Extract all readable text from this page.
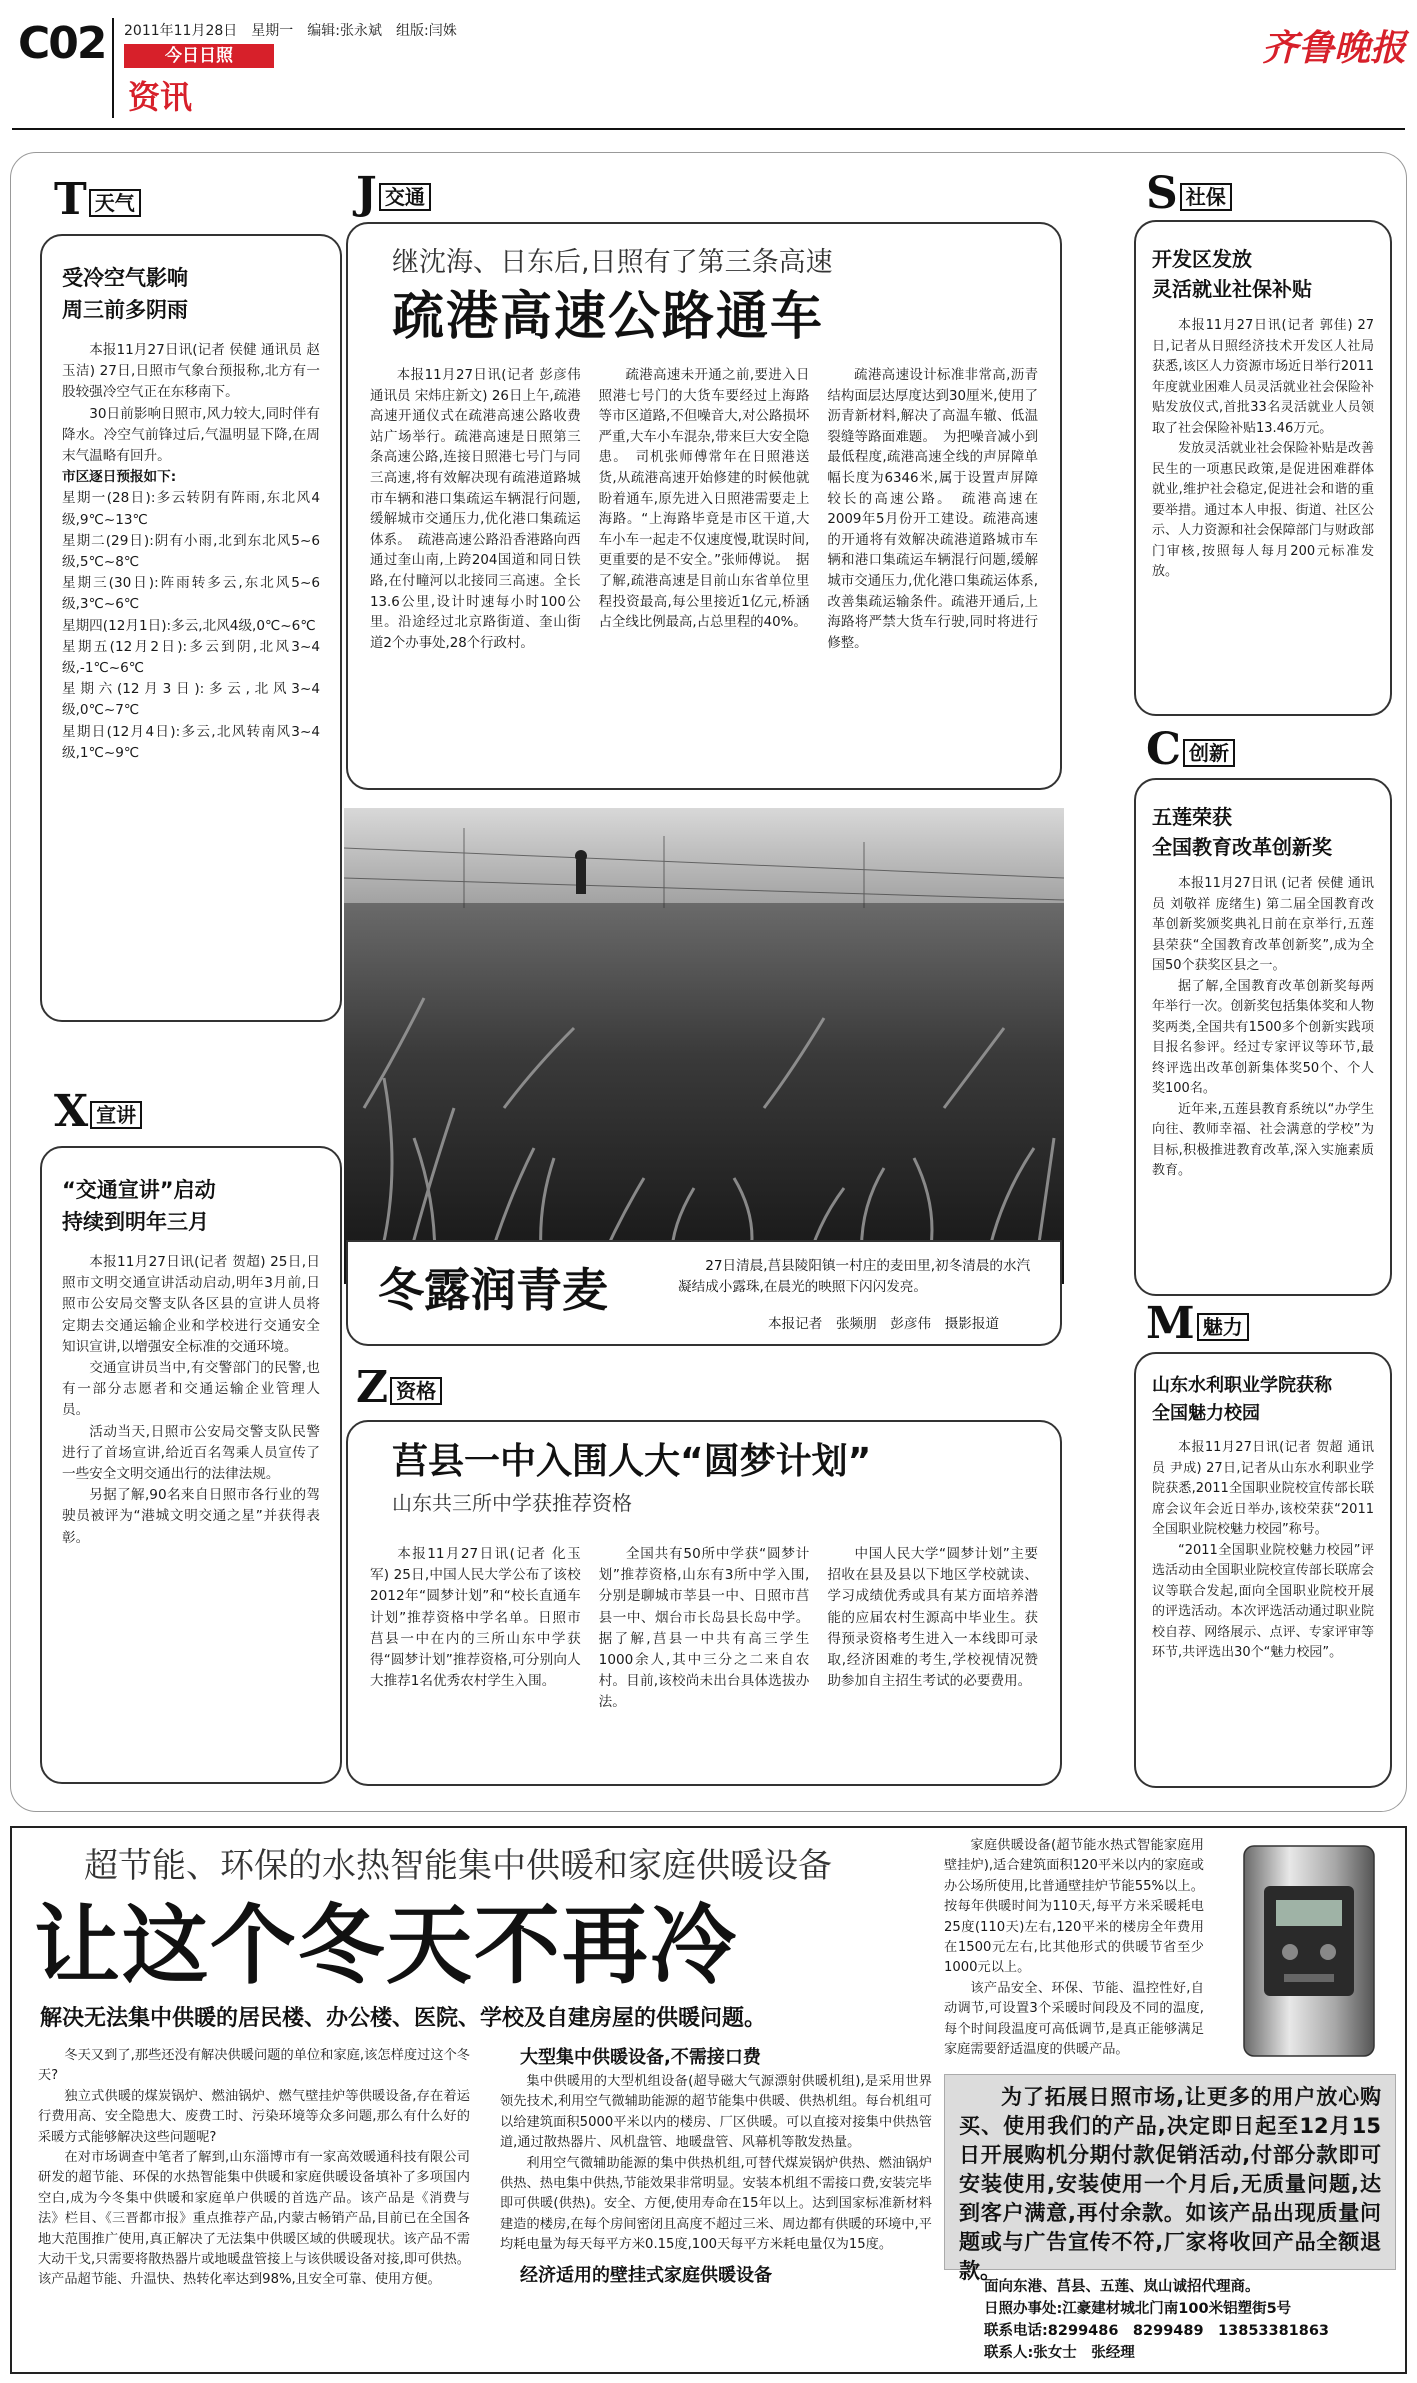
C02 2011年11月28日　星期一　编辑:张永斌　组版:闫姝
今日日照
资讯
齐鲁晚报
T 天气
受冷空气影响
周三前多阴雨

本报11月27日讯(记者 侯健 通讯员 赵玉洁) 27日,日照市气象台预报称,北方有一股较强冷空气正在东移南下。

30日前影响日照市,风力较大,同时伴有降水。冷空气前锋过后,气温明显下降,在周末气温略有回升。

市区逐日预报如下:

星期一(28日):多云转阴有阵雨,东北风4级,9℃~13℃

星期二(29日):阴有小雨,北到东北风5~6级,5℃~8℃

星期三(30日):阵雨转多云,东北风5~6级,3℃~6℃

星期四(12月1日):多云,北风4级,0℃~6℃

星期五(12月2日):多云到阴,北风3~4级,-1℃~6℃

星期六(12月3日):多云,北风3~4级,0℃~7℃

星期日(12月4日):多云,北风转南风3~4级,1℃~9℃

X 宣讲
“交通宣讲”启动
持续到明年三月

本报11月27日讯(记者 贺超) 25日,日照市文明交通宣讲活动启动,明年3月前,日照市公安局交警支队各区县的宣讲人员将定期去交通运输企业和学校进行交通安全知识宣讲,以增强安全标准的交通环境。

交通宣讲员当中,有交警部门的民警,也有一部分志愿者和交通运输企业管理人员。

活动当天,日照市公安局交警支队民警进行了首场宣讲,给近百名驾乘人员宣传了一些安全文明交通出行的法律法规。

另据了解,90名来自日照市各行业的驾驶员被评为“港城文明交通之星”并获得表彰。

J 交通
继沈海、日东后,日照有了第三条高速
疏港高速公路通车
本报11月27日讯(记者 彭彦伟 通讯员 宋炜庄新文) 26日上午,疏港高速开通仪式在疏港高速公路收费站广场举行。疏港高速是日照第三条高速公路,连接日照港七号门与同三高速,将有效解决现有疏港道路城市车辆和港口集疏运车辆混行问题,缓解城市交通压力,优化港口集疏运体系。　疏港高速公路沿香港路向西通过奎山南,上跨204国道和同日铁路,在付疃河以北接同三高速。全长13.6公里,设计时速每小时100公里。沿途经过北京路街道、奎山街道2个办事处,28个行政村。
疏港高速未开通之前,要进入日照港七号门的大货车要经过上海路等市区道路,不但噪音大,对公路损坏严重,大车小车混杂,带来巨大安全隐患。　司机张师傅常年在日照港送货,从疏港高速开始修建的时候他就盼着通车,原先进入日照港需要走上海路。“上海路毕竟是市区干道,大车小车一起走不仅速度慢,耽误时间,更重要的是不安全。”张师傅说。　据了解,疏港高速是目前山东省单位里程投资最高,每公里接近1亿元,桥涵占全线比例最高,占总里程的40%。
疏港高速设计标准非常高,沥青结构面层达厚度达到30厘米,使用了沥青新材料,解决了高温车辙、低温裂缝等路面难题。　为把噪音减小到最低程度,疏港高速全线的声屏障单幅长度为6346米,属于设置声屏障较长的高速公路。　疏港高速在2009年5月份开工建设。疏港高速的开通将有效解决疏港道路城市车辆和港口集疏运车辆混行问题,缓解城市交通压力,优化港口集疏运体系,改善集疏运输条件。疏港开通后,上海路将严禁大货车行驶,同时将进行修整。
冬露润青麦	27日清晨,莒县陵阳镇一村庄的麦田里,初冬清晨的水汽凝结成小露珠,在晨光的映照下闪闪发亮。
本报记者　张频朋　彭彦伟　摄影报道
Z 资格
莒县一中入围人大“圆梦计划”
山东共三所中学获推荐资格
本报11月27日讯(记者 化玉军) 25日,中国人民大学公布了该校2012年“圆梦计划”和“校长直通车计划”推荐资格中学名单。日照市莒县一中在内的三所山东中学获得“圆梦计划”推荐资格,可分别向人大推荐1名优秀农村学生入围。
全国共有50所中学获“圆梦计划”推荐资格,山东有3所中学入围,分别是聊城市莘县一中、日照市莒县一中、烟台市长岛县长岛中学。据了解,莒县一中共有高三学生1000余人,其中三分之二来自农村。目前,该校尚未出台具体选拔办法。
中国人民大学“圆梦计划”主要招收在县及县以下地区学校就读、学习成绩优秀或具有某方面培养潜能的应届农村生源高中毕业生。获得预录资格考生进入一本线即可录取,经济困难的考生,学校视情况赞助参加自主招生考试的必要费用。
S 社保
开发区发放
灵活就业社保补贴

本报11月27日讯(记者 郭佳) 27日,记者从日照经济技术开发区人社局获悉,该区人力资源市场近日举行2011年度就业困难人员灵活就业社会保险补贴发放仪式,首批33名灵活就业人员领取了社会保险补贴13.46万元。

发放灵活就业社会保险补贴是改善民生的一项惠民政策,是促进困难群体就业,维护社会稳定,促进社会和谐的重要举措。通过本人申报、街道、社区公示、人力资源和社会保障部门与财政部门审核,按照每人每月200元标准发放。

C 创新
五莲荣获
全国教育改革创新奖

本报11月27日讯 (记者 侯健 通讯员 刘敬祥 庞绪生) 第二届全国教育改革创新奖颁奖典礼日前在京举行,五莲县荣获“全国教育改革创新奖”,成为全国50个获奖区县之一。

据了解,全国教育改革创新奖每两年举行一次。创新奖包括集体奖和人物奖两类,全国共有1500多个创新实践项目报名参评。经过专家评议等环节,最终评选出改革创新集体奖50个、个人奖100名。

近年来,五莲县教育系统以“办学生向往、教师幸福、社会满意的学校”为目标,积极推进教育改革,深入实施素质教育。

M 魅力
山东水利职业学院获称
全国魅力校园

本报11月27日讯(记者 贺超 通讯员 尹成) 27日,记者从山东水利职业学院获悉,2011全国职业院校宣传部长联席会议年会近日举办,该校荣获“2011全国职业院校魅力校园”称号。

“2011全国职业院校魅力校园”评选活动由全国职业院校宣传部长联席会议等联合发起,面向全国职业院校开展的评选活动。本次评选活动通过职业院校自荐、网络展示、点评、专家评审等环节,共评选出30个“魅力校园”。

超节能、环保的水热智能集中供暖和家庭供暖设备
让这个冬天不再冷
解决无法集中供暖的居民楼、办公楼、医院、学校及自建房屋的供暖问题。

冬天又到了,那些还没有解决供暖问题的单位和家庭,该怎样度过这个冬天?

独立式供暖的煤炭锅炉、燃油锅炉、燃气壁挂炉等供暖设备,存在着运行费用高、安全隐患大、废费工时、污染环境等众多问题,那么有什么好的采暖方式能够解决这些问题呢?

在对市场调查中笔者了解到,山东淄博市有一家高效暖通科技有限公司研发的超节能、环保的水热智能集中供暖和家庭供暖设备填补了多项国内空白,成为今冬集中供暖和家庭单户供暖的首选产品。该产品是《消费与法》栏目、《三晋都市报》重点推荐产品,内蒙古畅销产品,目前已在全国各地大范围推广使用,真正解决了无法集中供暖区域的供暖现状。该产品不需大动干戈,只需要将散热器片或地暖盘管接上与该供暖设备对接,即可供热。该产品超节能、升温快、热转化率达到98%,且安全可靠、使用方便。

大型集中供暖设备,不需接口费

集中供暖用的大型机组设备(超导磁大气源漂射供暖机组),是采用世界领先技术,利用空气微辅助能源的超节能集中供暖、供热机组。每台机组可以给建筑面积5000平米以内的楼房、厂区供暖。可以直接对接集中供热管道,通过散热器片、风机盘管、地暖盘管、风幕机等散发热量。

利用空气微辅助能源的集中供热机组,可替代煤炭锅炉供热、燃油锅炉供热、热电集中供热,节能效果非常明显。安装本机组不需接口费,安装完毕即可供暖(供热)。安全、方便,使用寿命在15年以上。达到国家标准新材料建造的楼房,在每个房间密闭且高度不超过三米、周边都有供暖的环境中,平均耗电量为每天每平方米0.15度,100天每平方米耗电量仅为15度。

经济适用的壁挂式家庭供暖设备

家庭供暖设备(超节能水热式智能家庭用壁挂炉),适合建筑面积120平米以内的家庭或办公场所使用,比普通壁挂炉节能55%以上。按每年供暖时间为110天,每平方米采暖耗电25度(110天)左右,120平米的楼房全年费用在1500元左右,比其他形式的供暖节省至少1000元以上。

该产品安全、环保、节能、温控性好,自动调节,可设置3个采暖时间段及不同的温度,每个时间段温度可高低调节,是真正能够满足家庭需要舒适温度的供暖产品。

为了拓展日照市场,让更多的用户放心购买、使用我们的产品,决定即日起至12月15日开展购机分期付款促销活动,付部分款即可安装使用,安装使用一个月后,无质量问题,达到客户满意,再付余款。如该产品出现质量问题或与广告宣传不符,厂家将收回产品全额退款。
面向东港、莒县、五莲、岚山诚招代理商。
日照办事处:江豪建材城北门南100米铝塑街5号
联系电话:8299486　8299489　13853381863
联系人:张女士　张经理
